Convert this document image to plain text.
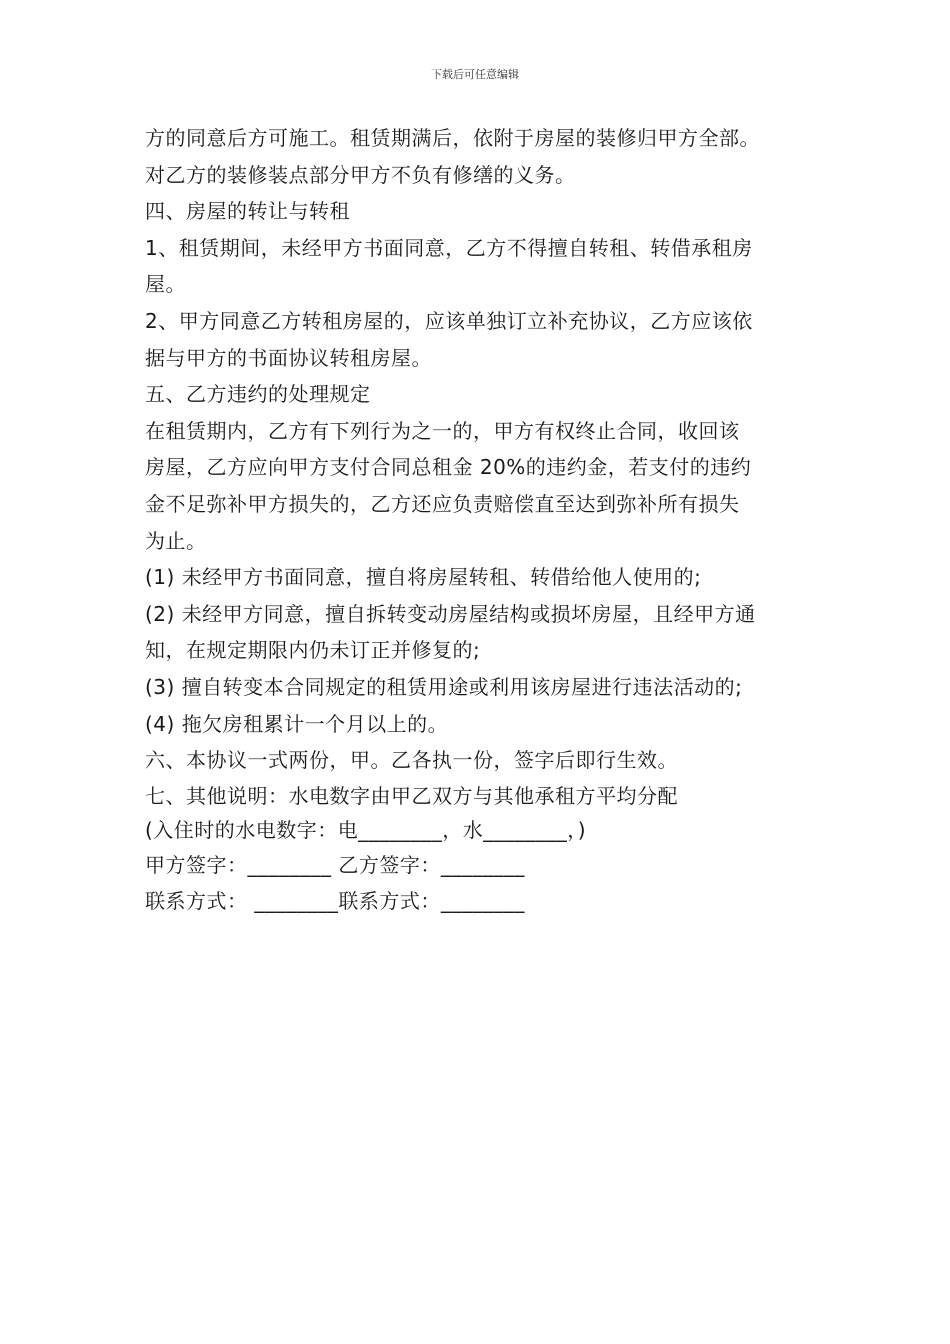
下载后可任意编辑
方的同意后方可施工。租赁期满后，依附于房屋的装修归甲方全部。
对乙方的装修装点部分甲方不负有修缮的义务。
四、房屋的转让与转租
1、租赁期间，未经甲方书面同意，乙方不得擅自转租、转借承租房
屋。
2、甲方同意乙方转租房屋的，应该单独订立补充协议，乙方应该依
据与甲方的书面协议转租房屋。
五、乙方违约的处理规定
在租赁期内，乙方有下列行为之一的，甲方有权终止合同，收回该
房屋，乙方应向甲方支付合同总租金 20%的违约金，若支付的违约
金不足弥补甲方损失的，乙方还应负责赔偿直至达到弥补所有损失
为止。
(1) 未经甲方书面同意，擅自将房屋转租、转借给他人使用的;
(2) 未经甲方同意，擅自拆转变动房屋结构或损坏房屋，且经甲方通
知，在规定期限内仍未订正并修复的;
(3) 擅自转变本合同规定的租赁用途或利用该房屋进行违法活动的;
(4) 拖欠房租累计一个月以上的。
六、本协议一式两份，甲。乙各执一份，签字后即行生效。
七、其他说明：水电数字由甲乙双方与其他承租方平均分配
(入住时的水电数字：电________，水________，)
甲方签字：________ 乙方签字：________
联系方式： ________联系方式：________
